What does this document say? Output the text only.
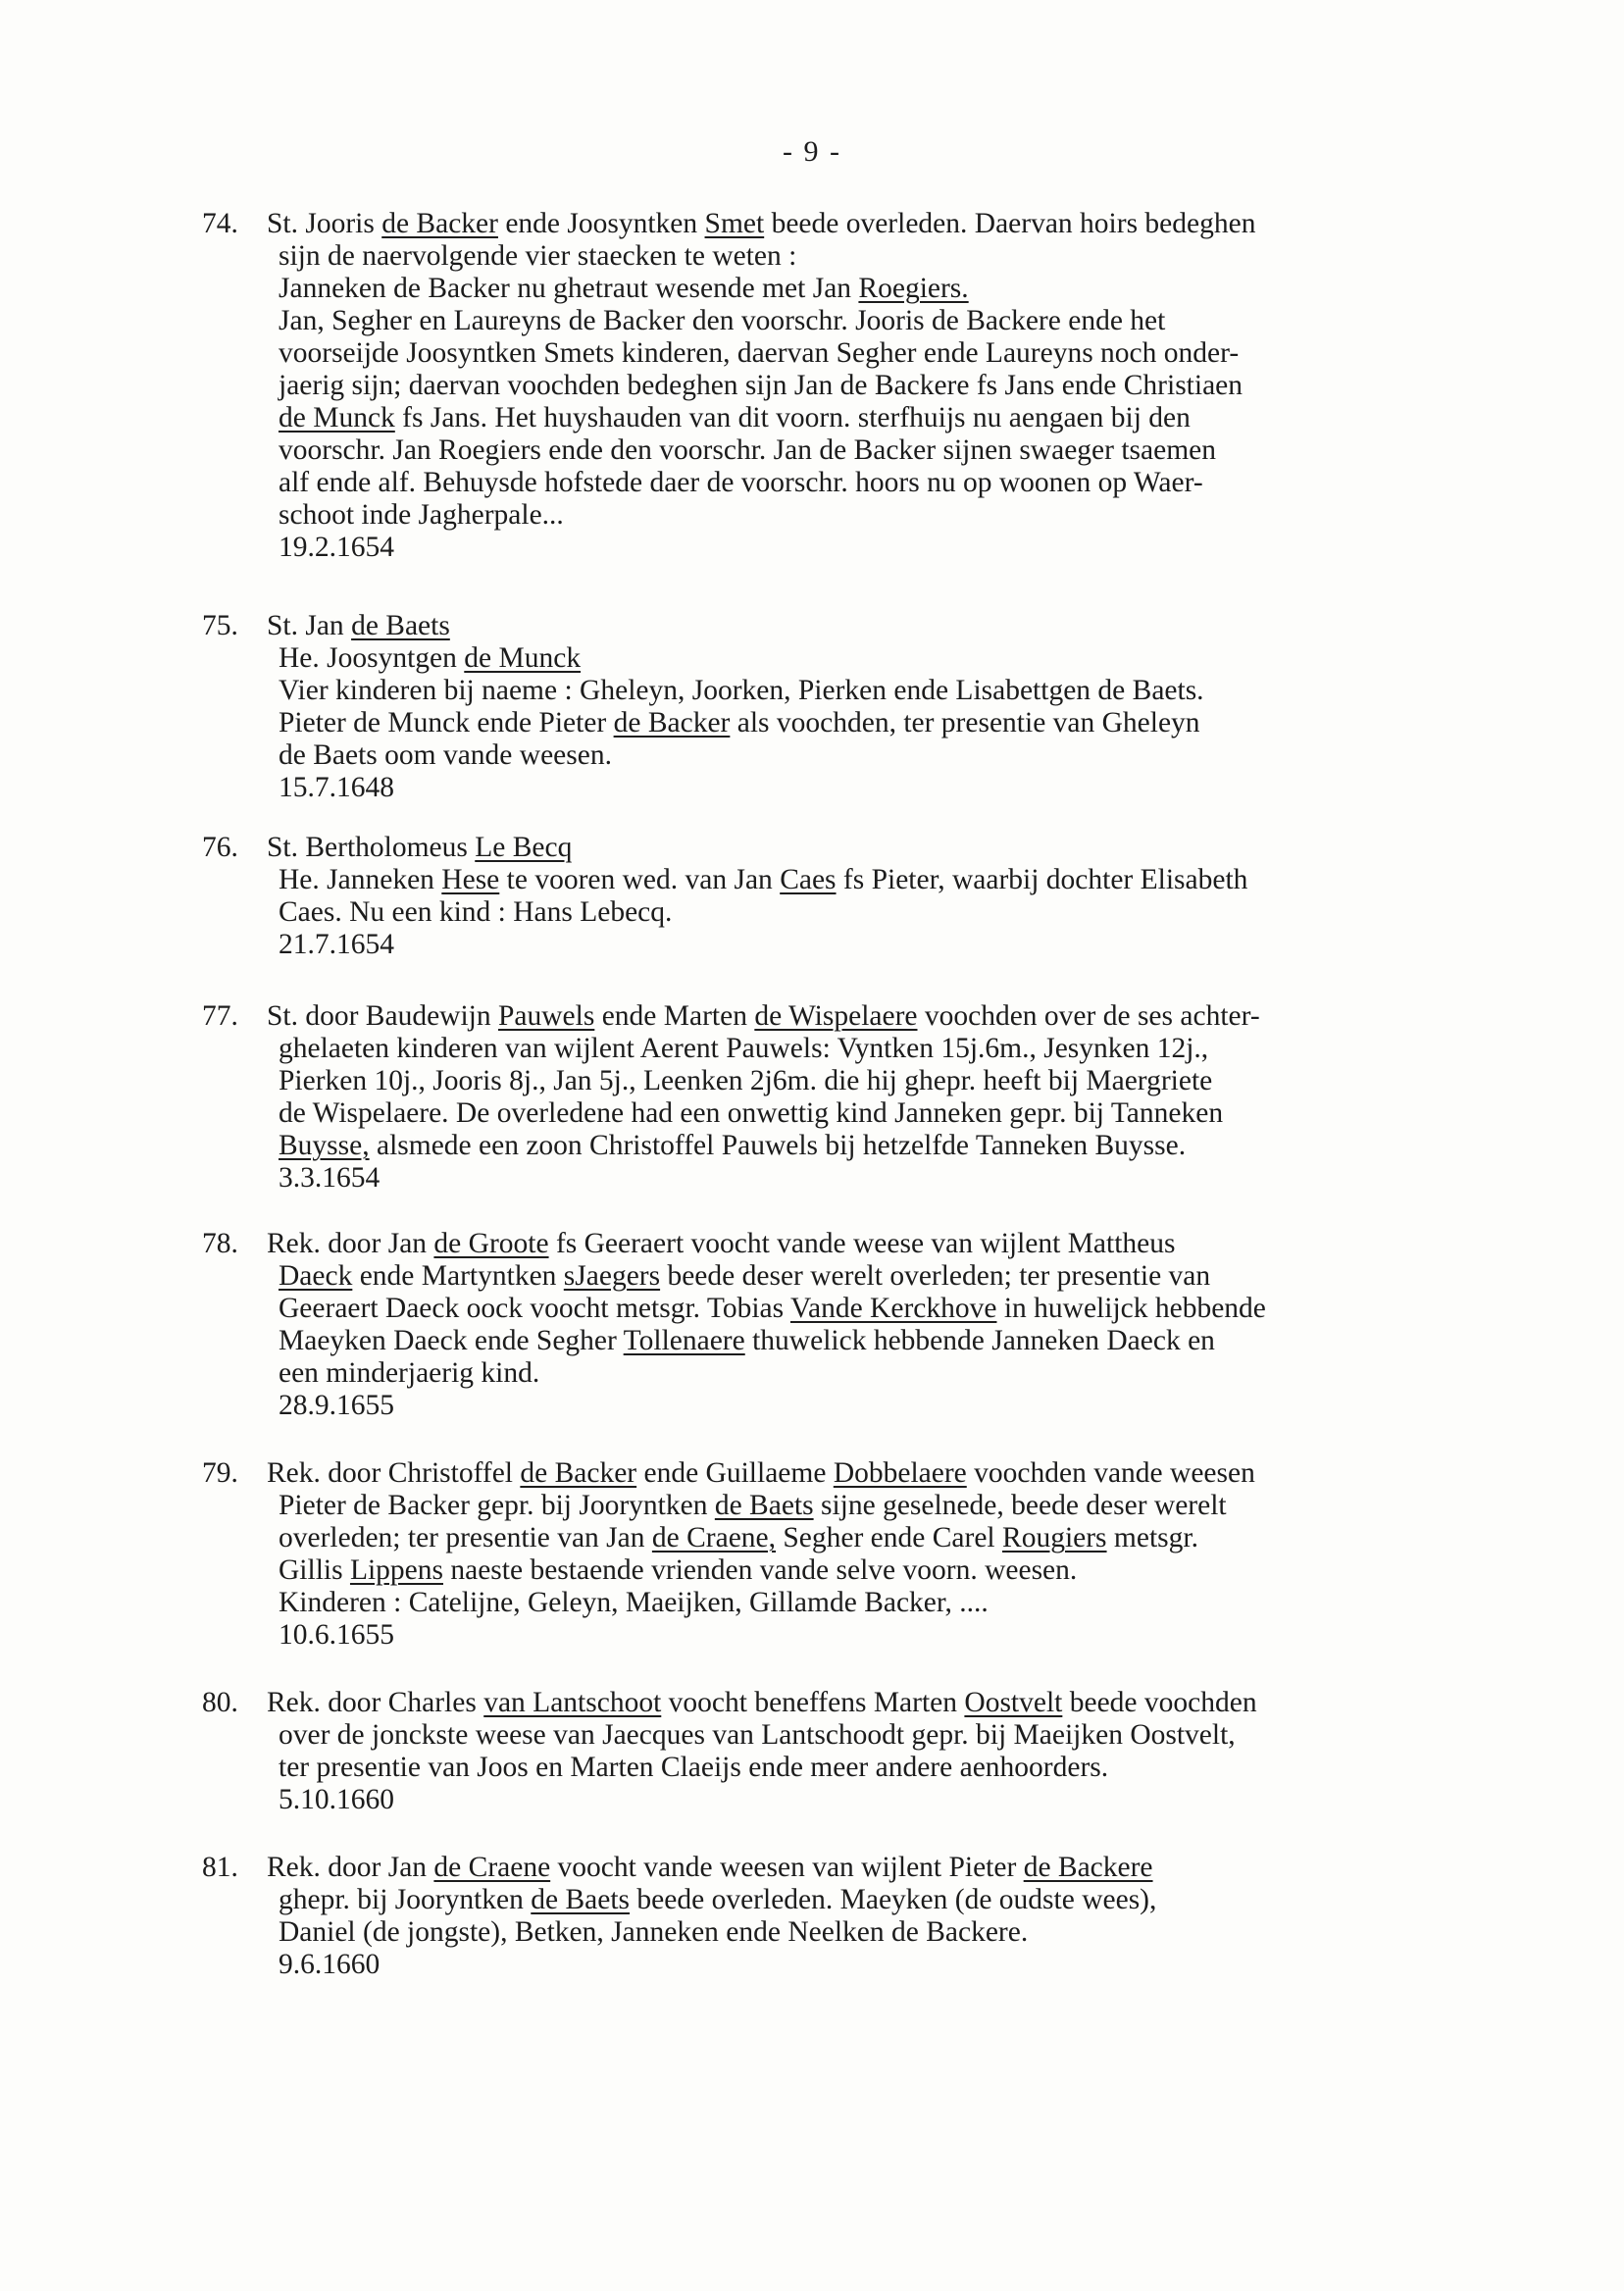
- 9 -
74. St. Jooris de Backer ende Joosyntken Smet beede overleden. Daervan hoirs bedeghen
sijn de naervolgende vier staecken te weten :
Janneken de Backer nu ghetraut wesende met Jan Roegiers.
Jan, Segher en Laureyns de Backer den voorschr. Jooris de Backere ende het
voorseijde Joosyntken Smets kinderen, daervan Segher ende Laureyns noch onder-
jaerig sijn; daervan voochden bedeghen sijn Jan de Backere fs Jans ende Christiaen
de Munck fs Jans. Het huyshauden van dit voorn. sterfhuijs nu aengaen bij den
voorschr. Jan Roegiers ende den voorschr. Jan de Backer sijnen swaeger tsaemen
alf ende alf. Behuysde hofstede daer de voorschr. hoors nu op woonen op Waer-
schoot inde Jagherpale...
19.2.1654
75. St. Jan de Baets
He. Joosyntgen de Munck
Vier kinderen bij naeme : Gheleyn, Joorken, Pierken ende Lisabettgen de Baets.
Pieter de Munck ende Pieter de Backer als voochden, ter presentie van Gheleyn
de Baets oom vande weesen.
15.7.1648
76. St. Bertholomeus Le Becq
He. Janneken Hese te vooren wed. van Jan Caes fs Pieter, waarbij dochter Elisabeth
Caes. Nu een kind : Hans Lebecq.
21.7.1654
77. St. door Baudewijn Pauwels ende Marten de Wispelaere voochden over de ses achter-
ghelaeten kinderen van wijlent Aerent Pauwels: Vyntken 15j.6m., Jesynken 12j.,
Pierken 10j., Jooris 8j., Jan 5j., Leenken 2j6m. die hij ghepr. heeft bij Maergriete
de Wispelaere. De overledene had een onwettig kind Janneken gepr. bij Tanneken
Buysse, alsmede een zoon Christoffel Pauwels bij hetzelfde Tanneken Buysse.
3.3.1654
78. Rek. door Jan de Groote fs Geeraert voocht vande weese van wijlent Mattheus
Daeck ende Martyntken sJaegers beede deser werelt overleden; ter presentie van
Geeraert Daeck oock voocht metsgr. Tobias Vande Kerckhove in huwelijck hebbende
Maeyken Daeck ende Segher Tollenaere thuwelick hebbende Janneken Daeck en
een minderjaerig kind.
28.9.1655
79. Rek. door Christoffel de Backer ende Guillaeme Dobbelaere voochden vande weesen
Pieter de Backer gepr. bij Jooryntken de Baets sijne geselnede, beede deser werelt
overleden; ter presentie van Jan de Craene, Segher ende Carel Rougiers metsgr.
Gillis Lippens naeste bestaende vrienden vande selve voorn. weesen.
Kinderen : Catelijne, Geleyn, Maeijken, Gillamde Backer, ....
10.6.1655
80. Rek. door Charles van Lantschoot voocht beneffens Marten Oostvelt beede voochden
over de jonckste weese van Jaecques van Lantschoodt gepr. bij Maeijken Oostvelt,
ter presentie van Joos en Marten Claeijs ende meer andere aenhoorders.
5.10.1660
81. Rek. door Jan de Craene voocht vande weesen van wijlent Pieter de Backere
ghepr. bij Jooryntken de Baets beede overleden. Maeyken (de oudste wees),
Daniel (de jongste), Betken, Janneken ende Neelken de Backere.
9.6.1660
